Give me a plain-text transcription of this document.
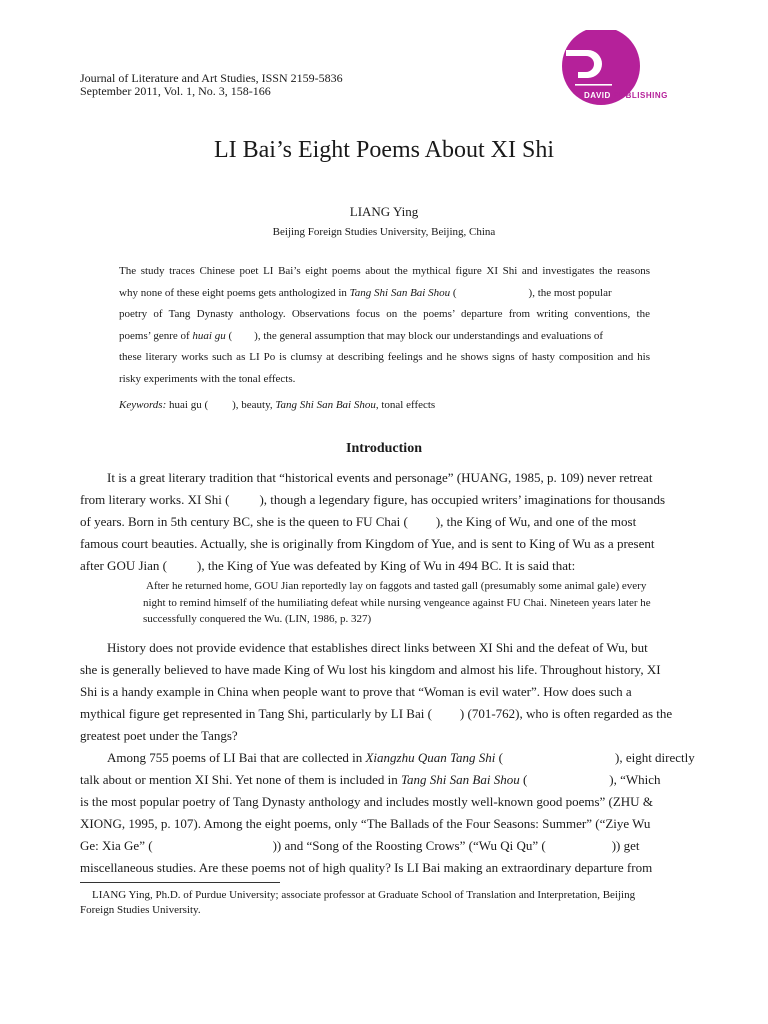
Journal of Literature and Art Studies, ISSN 2159-5836
September 2011, Vol. 1, No. 3, 158-166	DAVID PUBLISHING
LI Bai’s Eight Poems About XI Shi
LIANG Ying
Beijing Foreign Studies University, Beijing, China
The study traces Chinese poet LI Bai’s eight poems about the mythical figure XI Shi and investigates the reasons
why none of these eight poems gets anthologized in Tang Shi San Bai Shou (	), the most popular
poetry of Tang Dynasty anthology. Observations focus on the poems’ departure from writing conventions, the
poems’ genre of huai gu ( ), the general assumption that may block our understandings and evaluations of
these literary works such as LI Po is clumsy at describing feelings and he shows signs of hasty composition and his
risky experiments with the tonal effects.
Keywords: huai gu ( ), beauty, Tang Shi San Bai Shou, tonal effects
Introduction
It is a great literary tradition that “historical events and personage” (HUANG, 1985, p. 109) never retreat
from literary works. XI Shi ( ), though a legendary figure, has occupied writers’ imaginations for thousands
of years. Born in 5th century BC, she is the queen to FU Chai ( ), the King of Wu, and one of the most
famous court beauties. Actually, she is originally from Kingdom of Yue, and is sent to King of Wu as a present
after GOU Jian ( ), the King of Yue was defeated by King of Wu in 494 BC. It is said that:
After he returned home, GOU Jian reportedly lay on faggots and tasted gall (presumably some animal gale) every
night to remind himself of the humiliating defeat while nursing vengeance against FU Chai. Nineteen years later he
successfully conquered the Wu. (LIN, 1986, p. 327)
History does not provide evidence that establishes direct links between XI Shi and the defeat of Wu, but
she is generally believed to have made King of Wu lost his kingdom and almost his life. Throughout history, XI
Shi is a handy example in China when people want to prove that “Woman is evil water”. How does such a
mythical figure get represented in Tang Shi, particularly by LI Bai ( ) (701-762), who is often regarded as the
greatest poet under the Tangs?
Among 755 poems of LI Bai that are collected in Xiangzhu Quan Tang Shi (	), eight directly
talk about or mention XI Shi. Yet none of them is included in Tang Shi San Bai Shou (	), “Which
is the most popular poetry of Tang Dynasty anthology and includes mostly well-known good poems” (ZHU &
XIONG, 1995, p. 107). Among the eight poems, only “The Ballads of the Four Seasons: Summer” (“Ziye Wu
Ge: Xia Ge” (	)) and “Song of the Roosting Crows” (“Wu Qi Qu” (	)) get
miscellaneous studies. Are these poems not of high quality? Is LI Bai making an extraordinary departure from
LIANG Ying, Ph.D. of Purdue University; associate professor at Graduate School of Translation and Interpretation, Beijing
Foreign Studies University.
